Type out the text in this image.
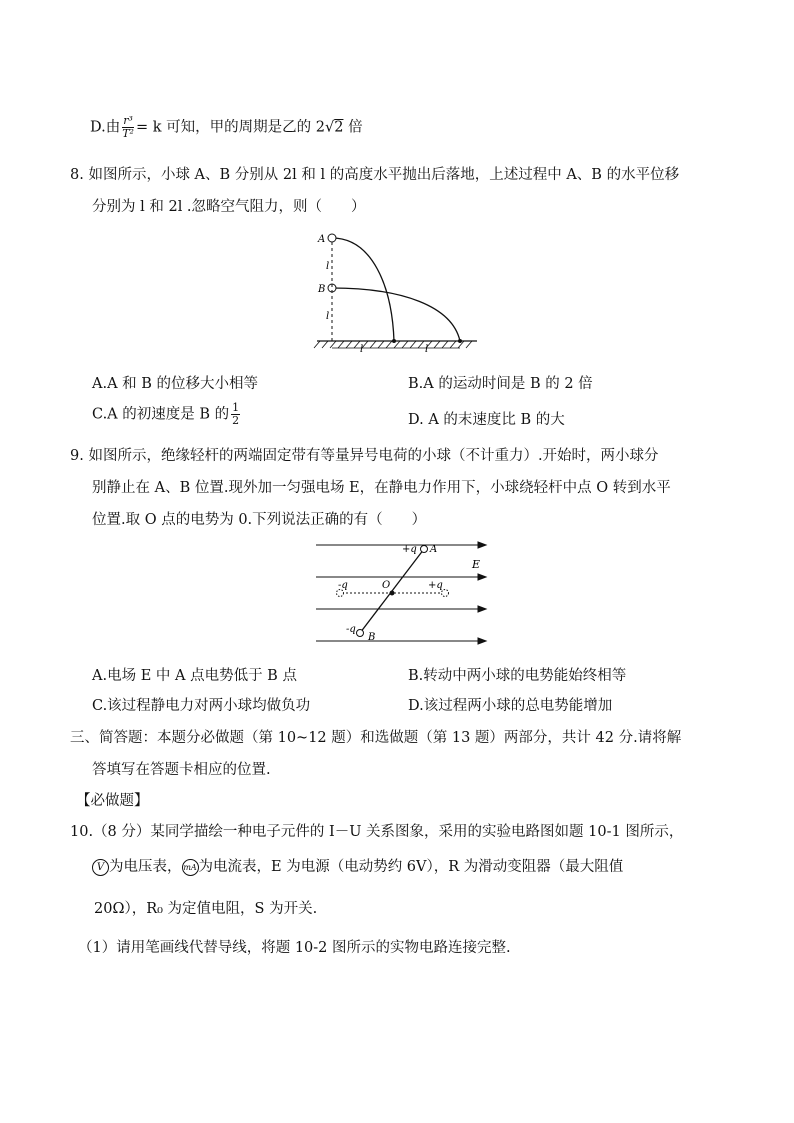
D.由 $\frac{\text{r³}}{\text{T²}} = k$ 可知，甲的周期是乙的 2√2 倍
8. 如图所示，小球 A、B 分别从 2l 和 l 的高度水平抛出后落地，上述过程中 A、B 的水平位移
分别为 l 和 2l .忽略空气阻力，则（　　）
A
B
l
l
l	l
A.A 和 B 的位移大小相等	B.A 的运动时间是 B 的 2 倍
C.A 的初速度是 B 的 $\frac{1}{2}$	D. A 的末速度比 B 的大
9. 如图所示，绝缘轻杆的两端固定带有等量异号电荷的小球（不计重力）.开始时，两小球分
别静止在 A、B 位置.现外加一匀强电场 E，在静电力作用下，小球绕轻杆中点 O 转到水平
位置.取 O 点的电势为 0.下列说法正确的有（　　）
+q A
E
-q	O	+q
-q
B
A.电场 E 中 A 点电势低于 B 点	B.转动中两小球的电势能始终相等
C.该过程静电力对两小球均做负功	D.该过程两小球的总电势能增加
三、简答题：本题分必做题（第 10~12 题）和选做题（第 13 题）两部分，共计 42 分.请将解
答填写在答题卡相应的位置.
【必做题】
10.（8 分）某同学描绘一种电子元件的 I－U 关系图象，采用的实验电路图如题 10-1 图所示，
V 为电压表， mA 为电流表，E 为电源（电动势约 6V），R 为滑动变阻器（最大阻值
20Ω），R₀ 为定值电阻，S 为开关.
（1）请用笔画线代替导线，将题 10-2 图所示的实物电路连接完整.
